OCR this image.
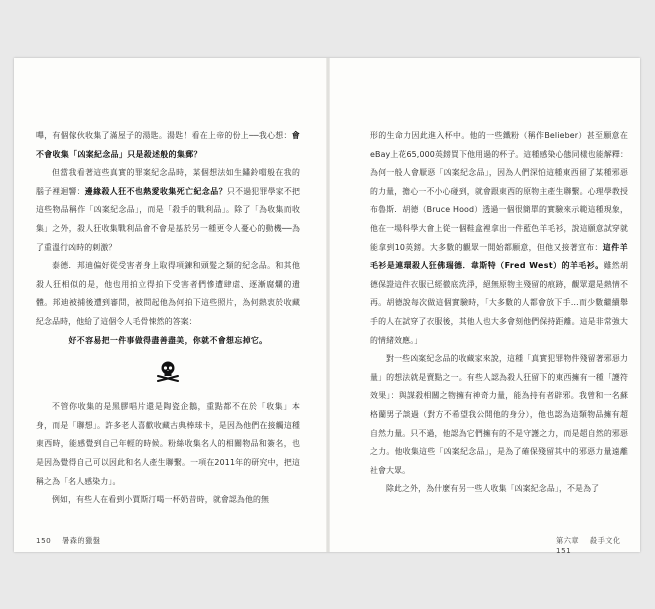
嗶，有個傢伙收集了滿屋子的湯匙。湯匙！看在上帝的份上──我心想：會不會收集「凶案紀念品」只是殺述般的集郵？

但當我看著這些真實的罪案紀念品時，某個想法如生鏽鈴噹般在我的腦子裡迴響：邊緣殺人狂不也熱愛收集死亡紀念品？只不過犯罪學家不把這些物品稱作「凶案紀念品」，而是「殺手的戰利品」。除了「為收集而收集」之外，殺人狂收集戰利品會不會是基於另一種更令人憂心的動機──為了重溫行凶時的刺激？

泰德．邦迪偏好從受害者身上取得項鍊和頭髮之類的紀念品。和其他殺人狂相似的是，他也用拍立得拍下受害者們慘遭肆虐、逐漸腐爛的遺體。邦迪被捕後遭到審問，被問起他為何拍下這些照片，為何熱衷於收藏紀念品時，他給了這個令人毛骨悚然的答案：

好不容易把一件事做得盡善盡美，你就不會想忘掉它。

不管你收集的是黑膠唱片還是陶瓷企鵝，重點都不在於「收集」本身，而是「聯想」。許多老人喜歡收藏古典棒球卡，是因為他們在接觸這種東西時，能感覺到自己年輕的時候。粉絲收集名人的相關物品和簽名，也是因為覺得自己可以因此和名人產生聯繫。一項在2011年的研究中，把這稱之為「名人感染力」。

例如，有些人在看到小賈斯汀喝一杯奶昔時，就會認為他的無

形的生命力因此進入杯中。他的一些鐵粉（稱作Belieber）甚至願意在eBay上花65,000英鎊買下他用過的杯子。這種感染心態同樣也能解釋：為何一般人會厭惡「凶案紀念品」，因為人們深怕這種東西留了某種邪惡的力量，擔心一不小心碰到，就會跟東西的原物主產生聯繫。心理學教授布魯斯．胡德（Bruce Hood）透過一個很簡單的實驗來示範這種現象，他在一場科學大會上從一個鞋盒裡拿出一件藍色羊毛衫，說這願意試穿就能拿到10英鎊。大多數的觀眾一開始都願意，但他又接著宣布：這件羊毛衫是連環殺人狂佛瑞德．韋斯特（Fred West）的羊毛衫。雖然胡德保證這件衣服已經徹底洗淨，絕無原物主殘留的痕跡，觀眾還是熱情不再。胡德說每次做這個實驗時，「大多數的人都會放下手…而少數繼續舉手的人在試穿了衣服後，其他人也大多會刻他們保持距離。這是非常強大的情緒效應。」

對一些凶案紀念品的收藏家來說，這種「真實犯罪物件殘留著邪惡力量」的想法就是賣點之一。有些人認為殺人狂留下的東西擁有一種「護符效果」：與謀殺相關之物擁有神奇力量，能為持有者辟邪。我曾和一名蘇格蘭男子談過（對方不希望我公開他的身分），他也認為這類物品擁有超自然力量。只不過，他認為它們擁有的不是守護之力，而是超自然的邪惡之力。他收集這些「凶案紀念品」，是為了確保殘留其中的邪惡力量遠離社會大眾。

除此之外，為什麼有另一些人收集「凶案紀念品」，不是為了

150 暑森的獵盤	第六章 殺手文化 151
